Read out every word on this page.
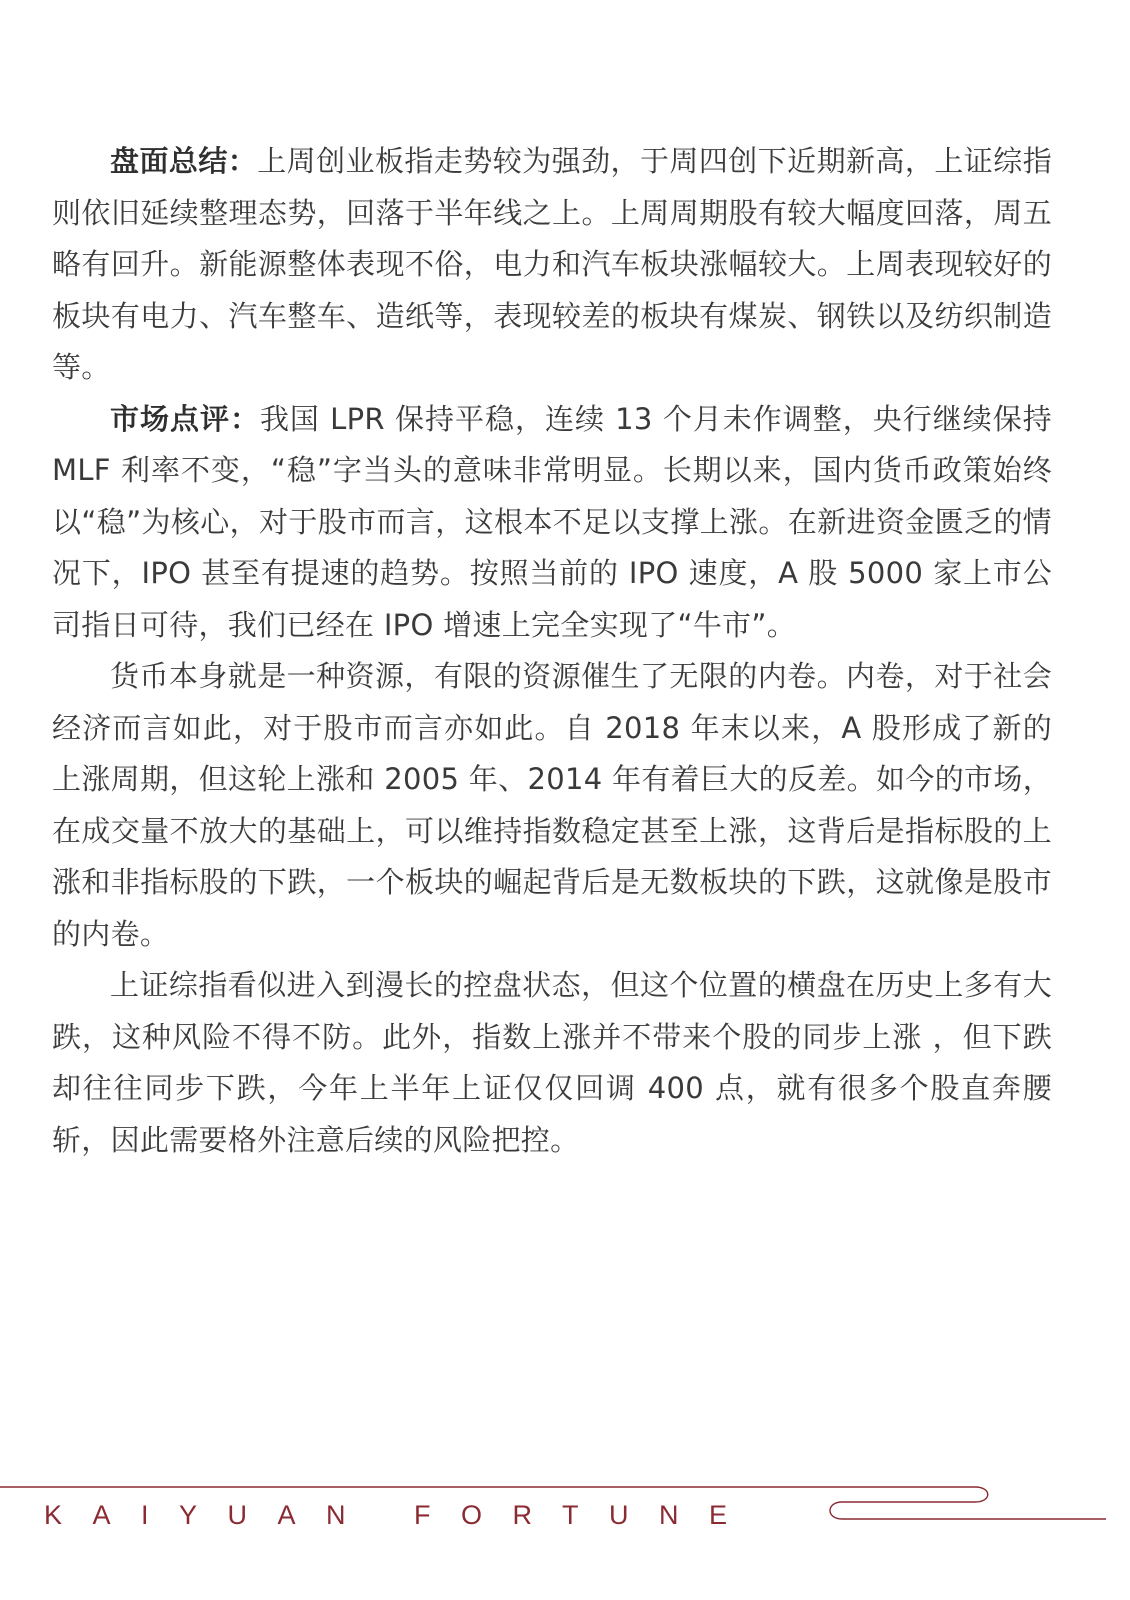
盘面总结：上周创业板指走势较为强劲，于周四创下近期新高，上证综指则依旧延续整理态势，回落于半年线之上。上周周期股有较大幅度回落，周五略有回升。新能源整体表现不俗，电力和汽车板块涨幅较大。上周表现较好的板块有电力、汽车整车、造纸等，表现较差的板块有煤炭、钢铁以及纺织制造等。

市场点评：我国 LPR 保持平稳，连续 13 个月未作调整，央行继续保持 MLF 利率不变，“稳”字当头的意味非常明显。长期以来，国内货币政策始终以“稳”为核心，对于股市而言，这根本不足以支撑上涨。在新进资金匮乏的情况下，IPO 甚至有提速的趋势。按照当前的 IPO 速度，A 股 5000 家上市公司指日可待，我们已经在 IPO 增速上完全实现了“牛市”。

货币本身就是一种资源，有限的资源催生了无限的内卷。内卷，对于社会经济而言如此，对于股市而言亦如此。自 2018 年末以来，A 股形成了新的上涨周期，但这轮上涨和 2005 年、2014 年有着巨大的反差。如今的市场，在成交量不放大的基础上，可以维持指数稳定甚至上涨，这背后是指标股的上涨和非指标股的下跌，一个板块的崛起背后是无数板块的下跌，这就像是股市的内卷。

上证综指看似进入到漫长的控盘状态，但这个位置的横盘在历史上多有大跌，这种风险不得不防。此外，指数上涨并不带来个股的同步上涨 ，但下跌却往往同步下跌，今年上半年上证仅仅回调 400 点，就有很多个股直奔腰斩，因此需要格外注意后续的风险把控。

KAIYUAN FORTUNE
